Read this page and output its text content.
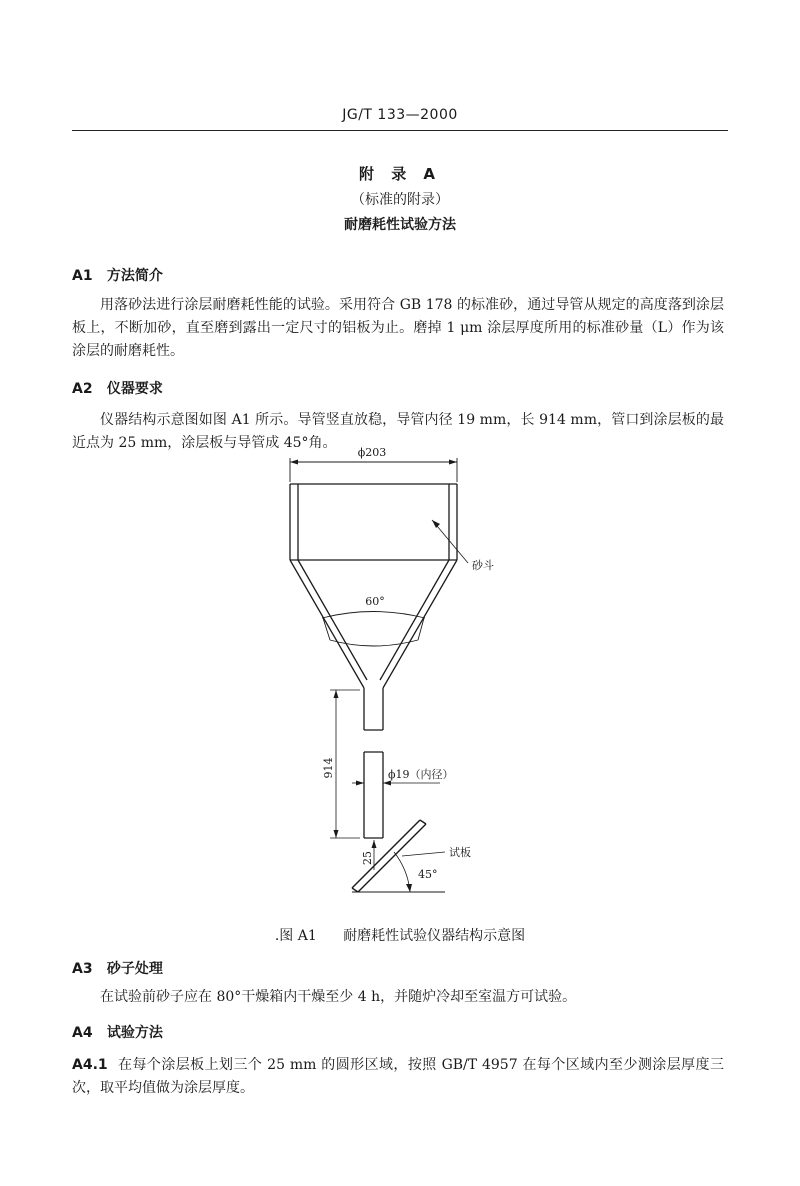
JG/T 133—2000
附 录 A
（标准的附录）
耐磨耗性试验方法
A1 方法简介

用落砂法进行涂层耐磨耗性能的试验。采用符合 GB 178 的标准砂，通过导管从规定的高度落到涂层板上，不断加砂，直至磨到露出一定尺寸的铝板为止。磨掉 1 μm 涂层厚度所用的标准砂量（L）作为该涂层的耐磨耗性。

A2 仪器要求

仪器结构示意图如图 A1 所示。导管竖直放稳，导管内径 19 mm，长 914 mm，管口到涂层板的最近点为 25 mm，涂层板与导管成 45°角。

ϕ203
砂斗
60°
914	ϕ19（内径）
25	试板
45°
.图 A1 耐磨耗性试验仪器结构示意图
A3 砂子处理

在试验前砂子应在 80°干燥箱内干燥至少 4 h，并随炉冷却至室温方可试验。

A4 试验方法

A4.1 在每个涂层板上划三个 25 mm 的圆形区域，按照 GB/T 4957 在每个区域内至少测涂层厚度三次，取平均值做为涂层厚度。
